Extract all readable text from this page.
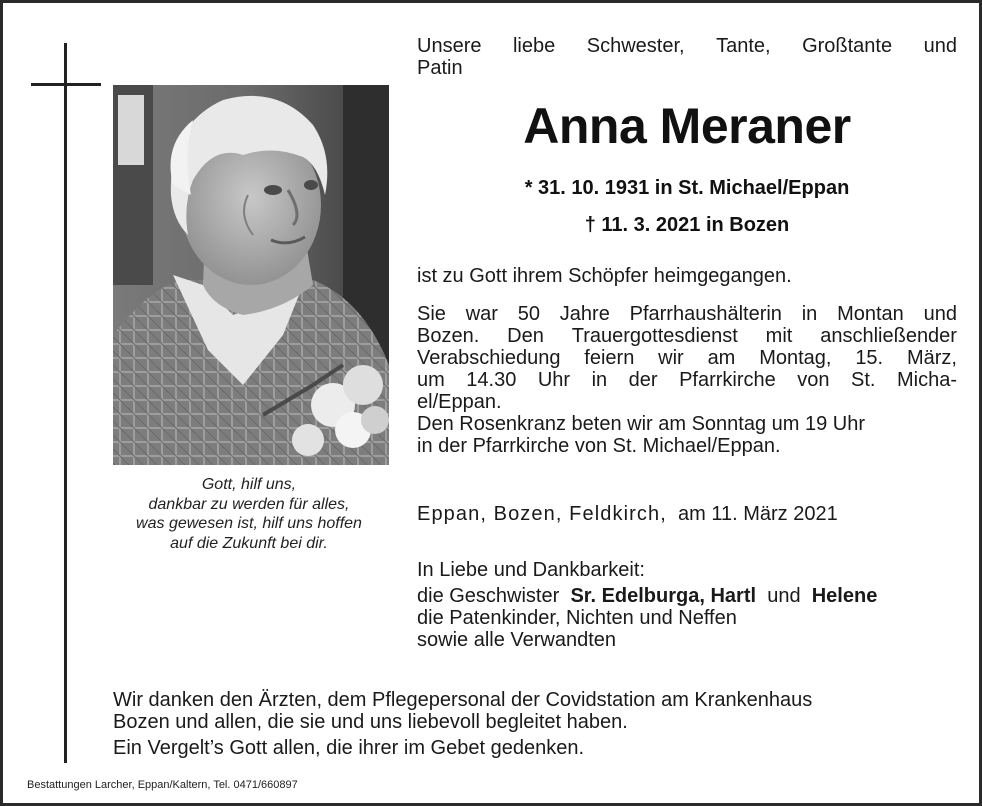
Gott, hilf uns,
dankbar zu werden für alles,
was gewesen ist, hilf uns hoffen
auf die Zukunft bei dir.
Unsere liebe Schwester, Tante, Großtante und
Patin
Anna Meraner
* 31. 10. 1931 in St. Michael/Eppan
† 11. 3. 2021 in Bozen
ist zu Gott ihrem Schöpfer heimgegangen.
Sie war 50 Jahre Pfarrhaushälterin in Montan und
Bozen. Den Trauergottesdienst mit anschließender
Verabschiedung feiern wir am Montag, 15. März,
um 14.30 Uhr in der Pfarrkirche von St. Micha-
el/Eppan.
Den Rosenkranz beten wir am Sonntag um 19 Uhr
in der Pfarrkirche von St. Michael/Eppan.
Eppan, Bozen, Feldkirch, am 11. März 2021
In Liebe und Dankbarkeit:
die Geschwister Sr. Edelburga, Hartl und Helene
die Patenkinder, Nichten und Neffen
sowie alle Verwandten
Wir danken den Ärzten, dem Pflegepersonal der Covidstation am Krankenhaus
Bozen und allen, die sie und uns liebevoll begleitet haben.
Ein Vergelt’s Gott allen, die ihrer im Gebet gedenken.
Bestattungen Larcher, Eppan/Kaltern, Tel. 0471/660897
